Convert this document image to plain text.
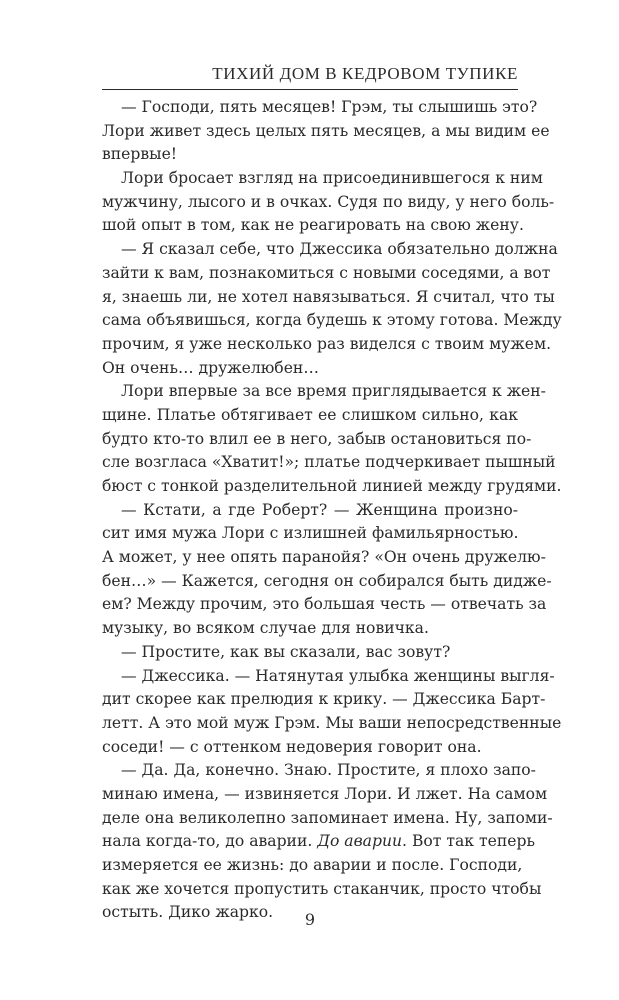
ТИХИЙ ДОМ В КЕДРОВОМ ТУПИКЕ
— Господи, пять месяцев! Грэм, ты слышишь это?
Лори живет здесь целых пять месяцев, а мы видим ее
впервые!
Лори бросает взгляд на присоединившегося к ним
мужчину, лысого и в очках. Судя по виду, у него боль-
шой опыт в том, как не реагировать на свою жену.
— Я сказал себе, что Джессика обязательно должна
зайти к вам, познакомиться с новыми соседями, а вот
я, знаешь ли, не хотел навязываться. Я считал, что ты
сама объявишься, когда будешь к этому готова. Между
прочим, я уже несколько раз виделся с твоим мужем.
Он очень… дружелюбен…
Лори впервые за все время приглядывается к жен-
щине. Платье обтягивает ее слишком сильно, как
будто кто-то влил ее в него, забыв остановиться по-
сле возгласа «Хватит!»; платье подчеркивает пышный
бюст с тонкой разделительной линией между грудями.
— Кстати, а где Роберт? — Женщина произно-
сит имя мужа Лори с излишней фамильярностью.
А может, у нее опять паранойя? «Он очень дружелю-
бен…» — Кажется, сегодня он собирался быть диджe-
ем? Между прочим, это большая честь — отвечать за
музыку, во всяком случае для новичка.
— Простите, как вы сказали, вас зовут?
— Джессика. — Натянутая улыбка женщины выгля-
дит скорее как прелюдия к крику. — Джессика Барт-
летт. А это мой муж Грэм. Мы ваши непосредственные
соседи! — с оттенком недоверия говорит она.
— Да. Да, конечно. Знаю. Простите, я плохо запо-
минаю имена, — извиняется Лори. И лжет. На самом
деле она великолепно запоминает имена. Ну, запоми-
нала когда-то, до аварии. До аварии. Вот так теперь
измеряется ее жизнь: до аварии и после. Господи,
как же хочется пропустить стаканчик, просто чтобы
остыть. Дико жарко.	9
